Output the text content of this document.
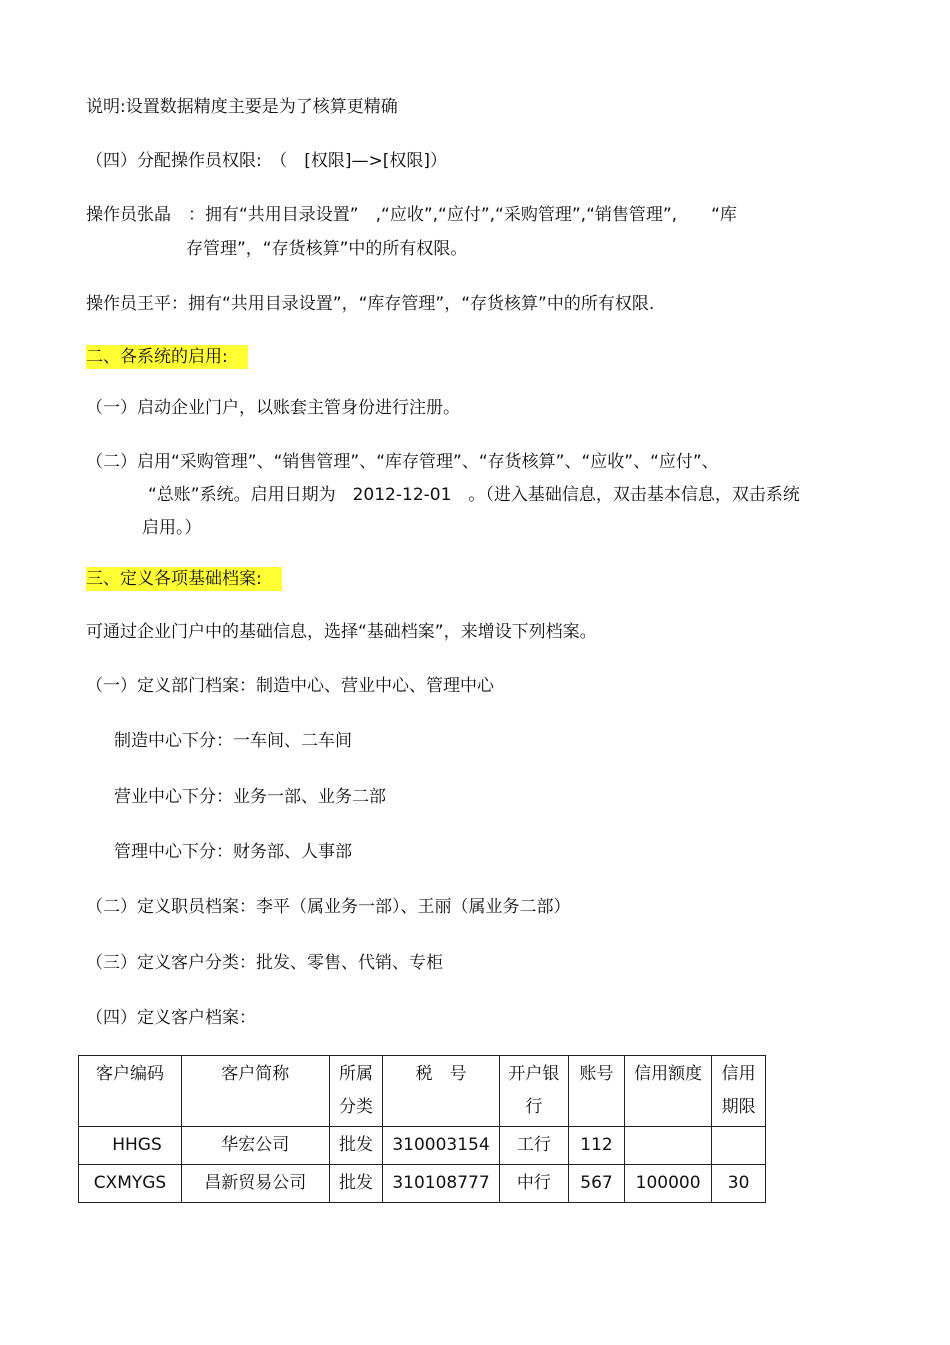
说明:设置数据精度主要是为了核算更精确
（四）分配操作员权限:　（　[权限]—>[权限]）
操作员张晶　：拥有“共用目录设置”　,“应收”,“应付”,“采购管理”,“销售管理”,　　“库
存管理”，“存货核算”中的所有权限。
操作员王平：拥有“共用目录设置”，“库存管理”，“存货核算”中的所有权限.
二、各系统的启用:
（一）启动企业门户，以账套主管身份进行注册。
（二）启用“采购管理”、“销售管理”、“库存管理”、“存货核算”、“应收”、“应付”、
“总账”系统。启用日期为　2012-12-01　。（进入基础信息，双击基本信息，双击系统
启用。）
三、定义各项基础档案:
可通过企业门户中的基础信息，选择“基础档案”，来增设下列档案。
（一）定义部门档案：制造中心、营业中心、管理中心
制造中心下分：一车间、二车间
营业中心下分：业务一部、业务二部
管理中心下分：财务部、人事部
（二）定义职员档案：李平（属业务一部）、王丽（属业务二部）
（三）定义客户分类：批发、零售、代销、专柜
（四）定义客户档案：
客户编码	客户简称	所属分类	税　号	开户银　行	账号	信用额度	信用期限
HHGS	华宏公司	批发	310003154	工行	112		
CXMYGS	昌新贸易公司	批发	310108777	中行	567	100000	30
